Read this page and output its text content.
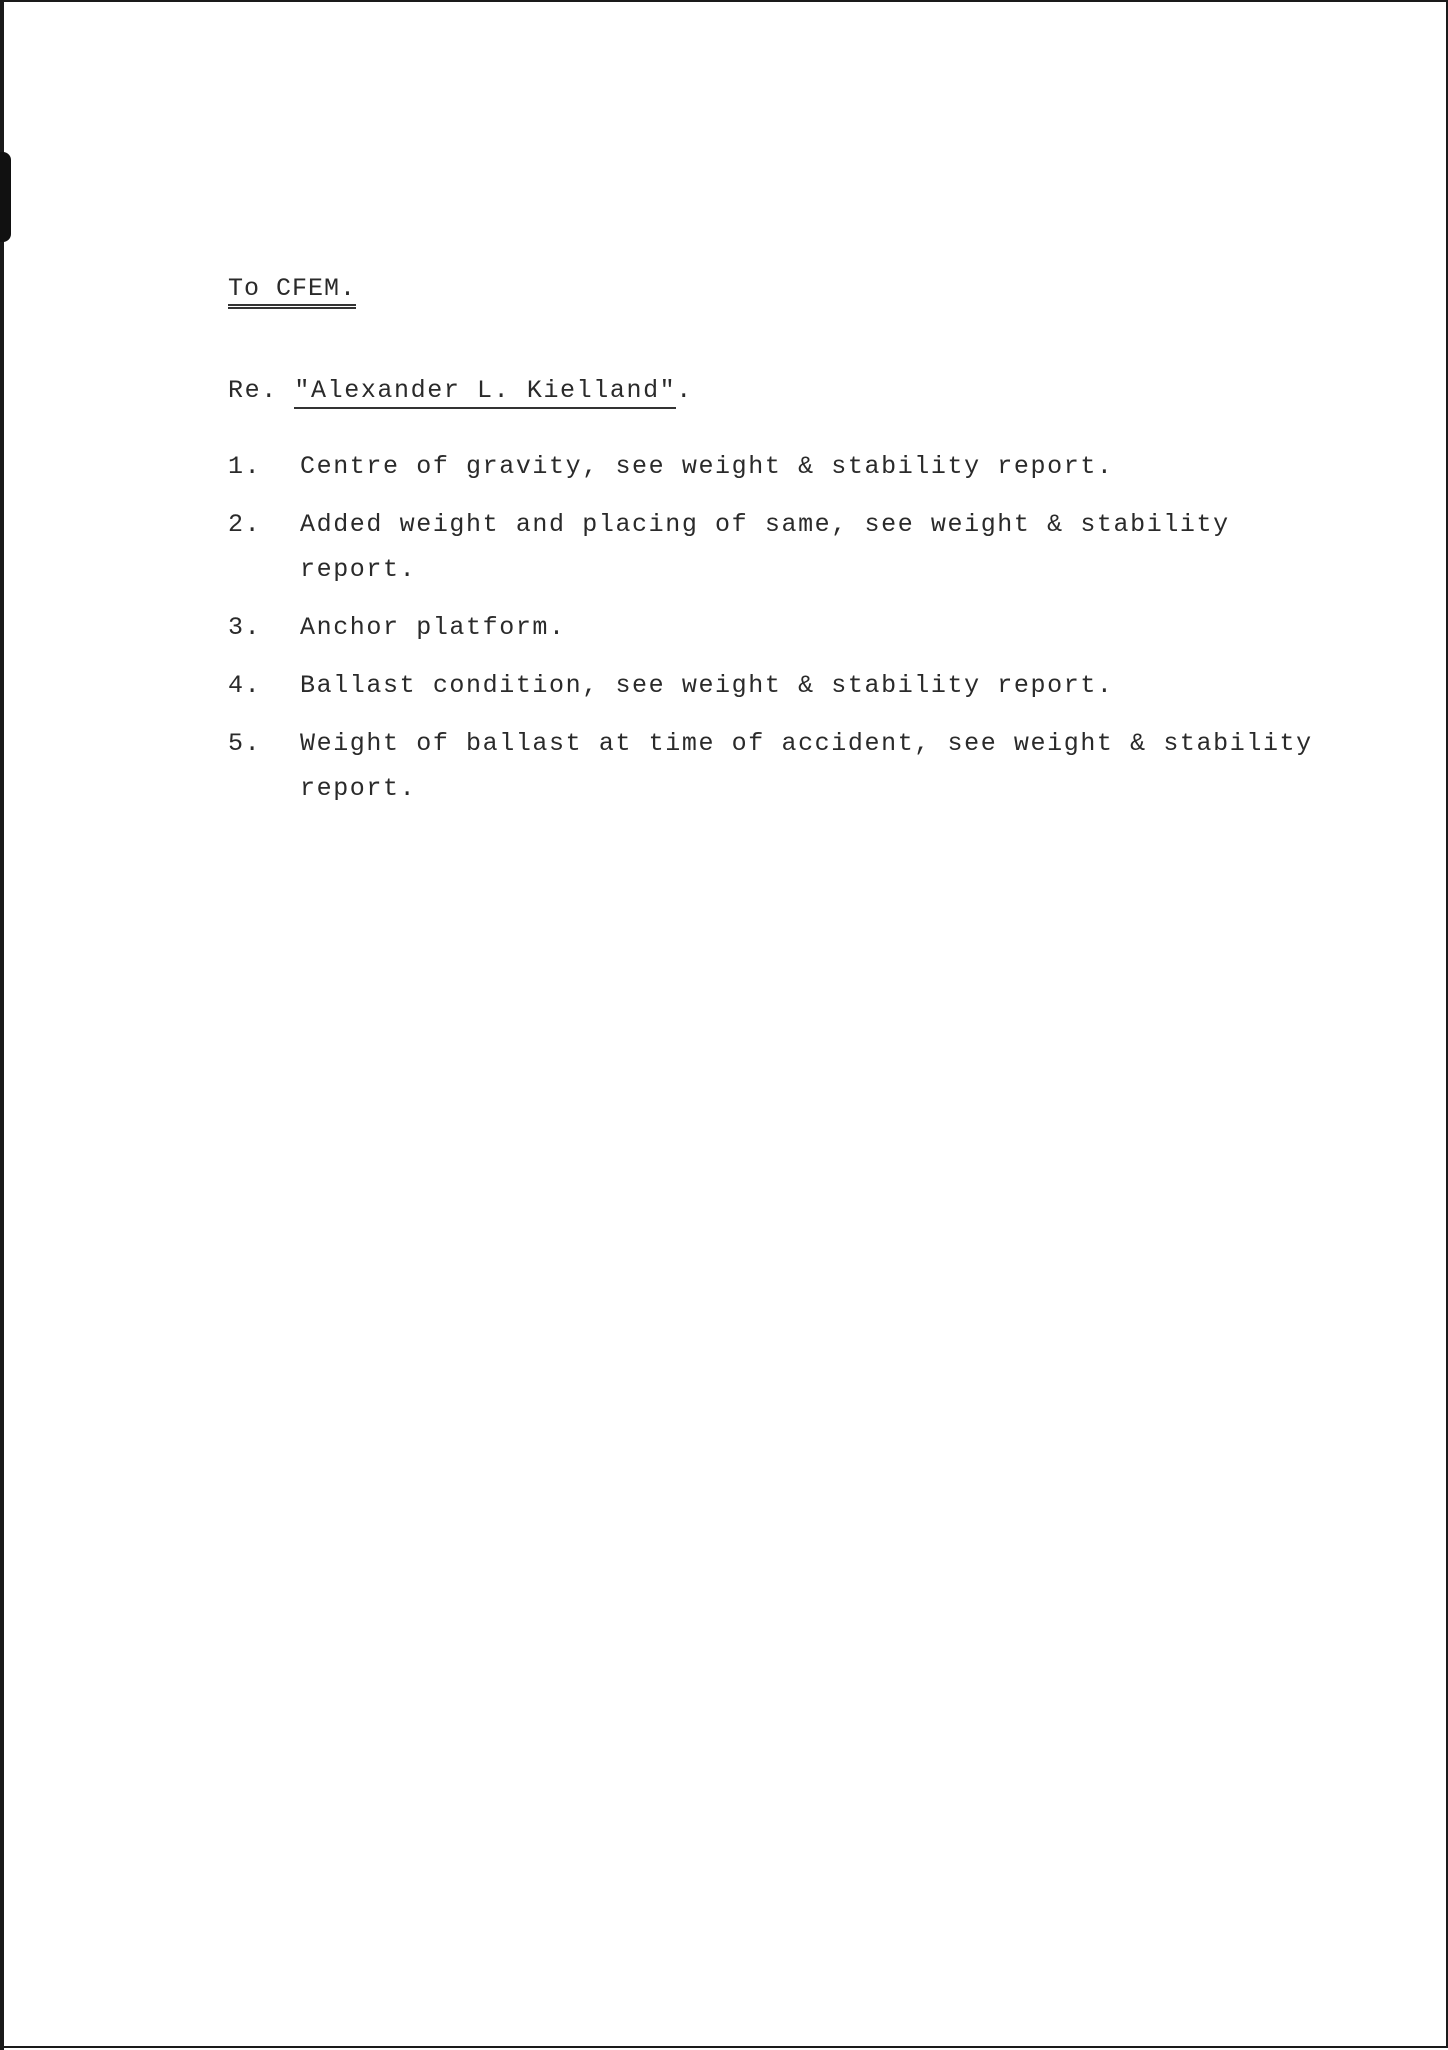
To CFEM.
Re. "Alexander L. Kielland".
1.	Centre of gravity, see weight & stability report.
2.	Added weight and placing of same, see weight & stability report.
3.	Anchor platform.
4.	Ballast condition, see weight & stability report.
5.	Weight of ballast at time of accident, see weight & stability report.
